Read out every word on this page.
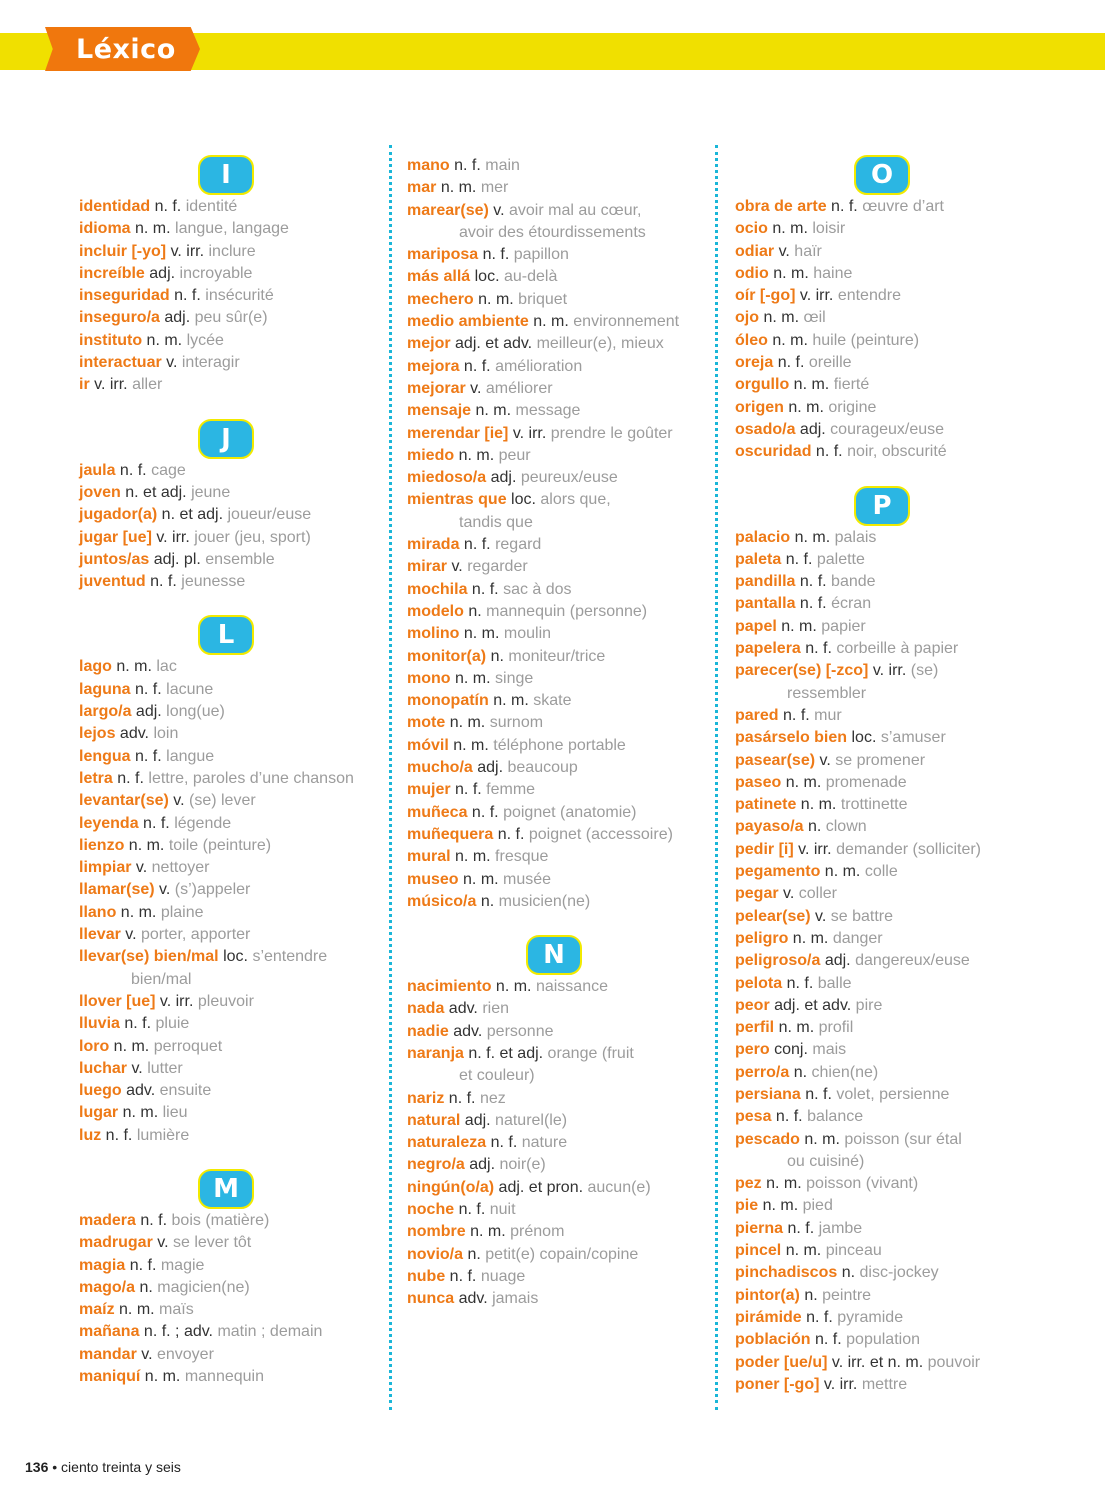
Léxico
I
identidad n. f. identité
idioma n. m. langue, langage
incluir [-yo] v. irr. inclure
increíble adj. incroyable
inseguridad n. f. insécurité
inseguro/a adj. peu sûr(e)
instituto n. m. lycée
interactuar v. interagir
ir v. irr. aller
J
jaula n. f. cage
joven n. et adj. jeune
jugador(a) n. et adj. joueur/euse
jugar [ue] v. irr. jouer (jeu, sport)
juntos/as adj. pl. ensemble
juventud n. f. jeunesse
L
lago n. m. lac
laguna n. f. lacune
largo/a adj. long(ue)
lejos adv. loin
lengua n. f. langue
letra n. f. lettre, paroles d’une chanson
levantar(se) v. (se) lever
leyenda n. f. légende
lienzo n. m. toile (peinture)
limpiar v. nettoyer
llamar(se) v. (s’)appeler
llano n. m. plaine
llevar v. porter, apporter
llevar(se) bien/mal loc. s’entendre
bien/mal
llover [ue] v. irr. pleuvoir
lluvia n. f. pluie
loro n. m. perroquet
luchar v. lutter
luego adv. ensuite
lugar n. m. lieu
luz n. f. lumière
M
madera n. f. bois (matière)
madrugar v. se lever tôt
magia n. f. magie
mago/a n. magicien(ne)
maíz n. m. maïs
mañana n. f. ; adv. matin ; demain
mandar v. envoyer
maniquí n. m. mannequin
mano n. f. main
mar n. m. mer
marear(se) v. avoir mal au cœur,
avoir des étourdissements
mariposa n. f. papillon
más allá loc. au-delà
mechero n. m. briquet
medio ambiente n. m. environnement
mejor adj. et adv. meilleur(e), mieux
mejora n. f. amélioration
mejorar v. améliorer
mensaje n. m. message
merendar [ie] v. irr. prendre le goûter
miedo n. m. peur
miedoso/a adj. peureux/euse
mientras que loc. alors que,
tandis que
mirada n. f. regard
mirar v. regarder
mochila n. f. sac à dos
modelo n. mannequin (personne)
molino n. m. moulin
monitor(a) n. moniteur/trice
mono n. m. singe
monopatín n. m. skate
mote n. m. surnom
móvil n. m. téléphone portable
mucho/a adj. beaucoup
mujer n. f. femme
muñeca n. f. poignet (anatomie)
muñequera n. f. poignet (accessoire)
mural n. m. fresque
museo n. m. musée
músico/a n. musicien(ne)
N
nacimiento n. m. naissance
nada adv. rien
nadie adv. personne
naranja n. f. et adj. orange (fruit
et couleur)
nariz n. f. nez
natural adj. naturel(le)
naturaleza n. f. nature
negro/a adj. noir(e)
ningún(o/a) adj. et pron. aucun(e)
noche n. f. nuit
nombre n. m. prénom
novio/a n. petit(e) copain/copine
nube n. f. nuage
nunca adv. jamais
O
obra de arte n. f. œuvre d’art
ocio n. m. loisir
odiar v. haïr
odio n. m. haine
oír [-go] v. irr. entendre
ojo n. m. œil
óleo n. m. huile (peinture)
oreja n. f. oreille
orgullo n. m. fierté
origen n. m. origine
osado/a adj. courageux/euse
oscuridad n. f. noir, obscurité
P
palacio n. m. palais
paleta n. f. palette
pandilla n. f. bande
pantalla n. f. écran
papel n. m. papier
papelera n. f. corbeille à papier
parecer(se) [-zco] v. irr. (se)
ressembler
pared n. f. mur
pasárselo bien loc. s’amuser
pasear(se) v. se promener
paseo n. m. promenade
patinete n. m. trottinette
payaso/a n. clown
pedir [i] v. irr. demander (solliciter)
pegamento n. m. colle
pegar v. coller
pelear(se) v. se battre
peligro n. m. danger
peligroso/a adj. dangereux/euse
pelota n. f. balle
peor adj. et adv. pire
perfil n. m. profil
pero conj. mais
perro/a n. chien(ne)
persiana n. f. volet, persienne
pesa n. f. balance
pescado n. m. poisson (sur étal
ou cuisiné)
pez n. m. poisson (vivant)
pie n. m. pied
pierna n. f. jambe
pincel n. m. pinceau
pinchadiscos n. disc-jockey
pintor(a) n. peintre
pirámide n. f. pyramide
población n. f. population
poder [ue/u] v. irr. et n. m. pouvoir
poner [-go] v. irr. mettre
136 • ciento treinta y seis
